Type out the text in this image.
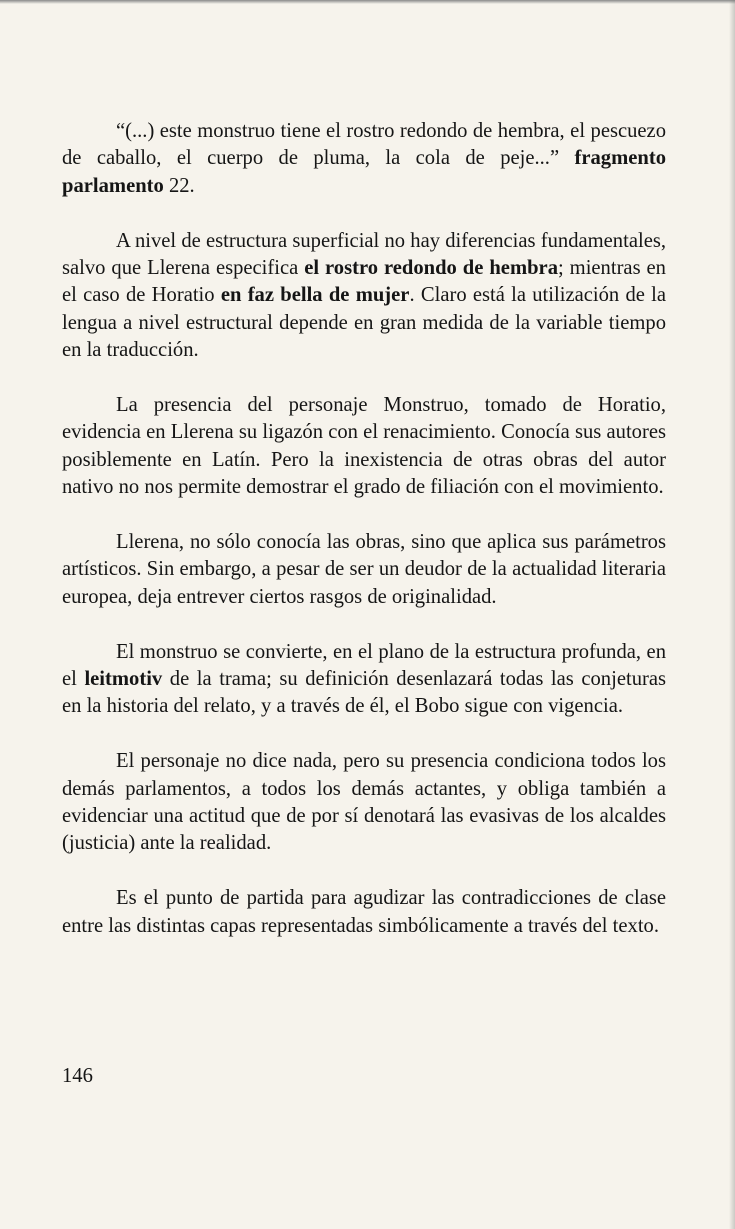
“(...) este monstruo tiene el rostro redondo de hembra, el pescuezo de caballo, el cuerpo de pluma, la cola de peje...” fragmento parlamento 22.

A nivel de estructura superficial no hay diferencias fundamentales, salvo que Llerena especifica el rostro redondo de hembra; mientras en el caso de Horatio en faz bella de mujer. Claro está la utilización de la lengua a nivel estructural depende en gran medida de la variable tiempo en la traducción.

La presencia del personaje Monstruo, tomado de Horatio, evidencia en Llerena su ligazón con el renacimiento. Conocía sus autores posiblemente en Latín. Pero la inexistencia de otras obras del autor nativo no nos permite demostrar el grado de filiación con el movimiento.

Llerena, no sólo conocía las obras, sino que aplica sus parámetros artísticos. Sin embargo, a pesar de ser un deudor de la actualidad literaria europea, deja entrever ciertos rasgos de originalidad.

El monstruo se convierte, en el plano de la estructura profunda, en el leitmotiv de la trama; su definición desenlazará todas las conjeturas en la historia del relato, y a través de él, el Bobo sigue con vigencia.

El personaje no dice nada, pero su presencia condiciona todos los demás parlamentos, a todos los demás actantes, y obliga también a evidenciar una actitud que de por sí denotará las evasivas de los alcaldes (justicia) ante la realidad.

Es el punto de partida para agudizar las contradicciones de clase entre las distintas capas representadas simbólicamente a través del texto.

146
